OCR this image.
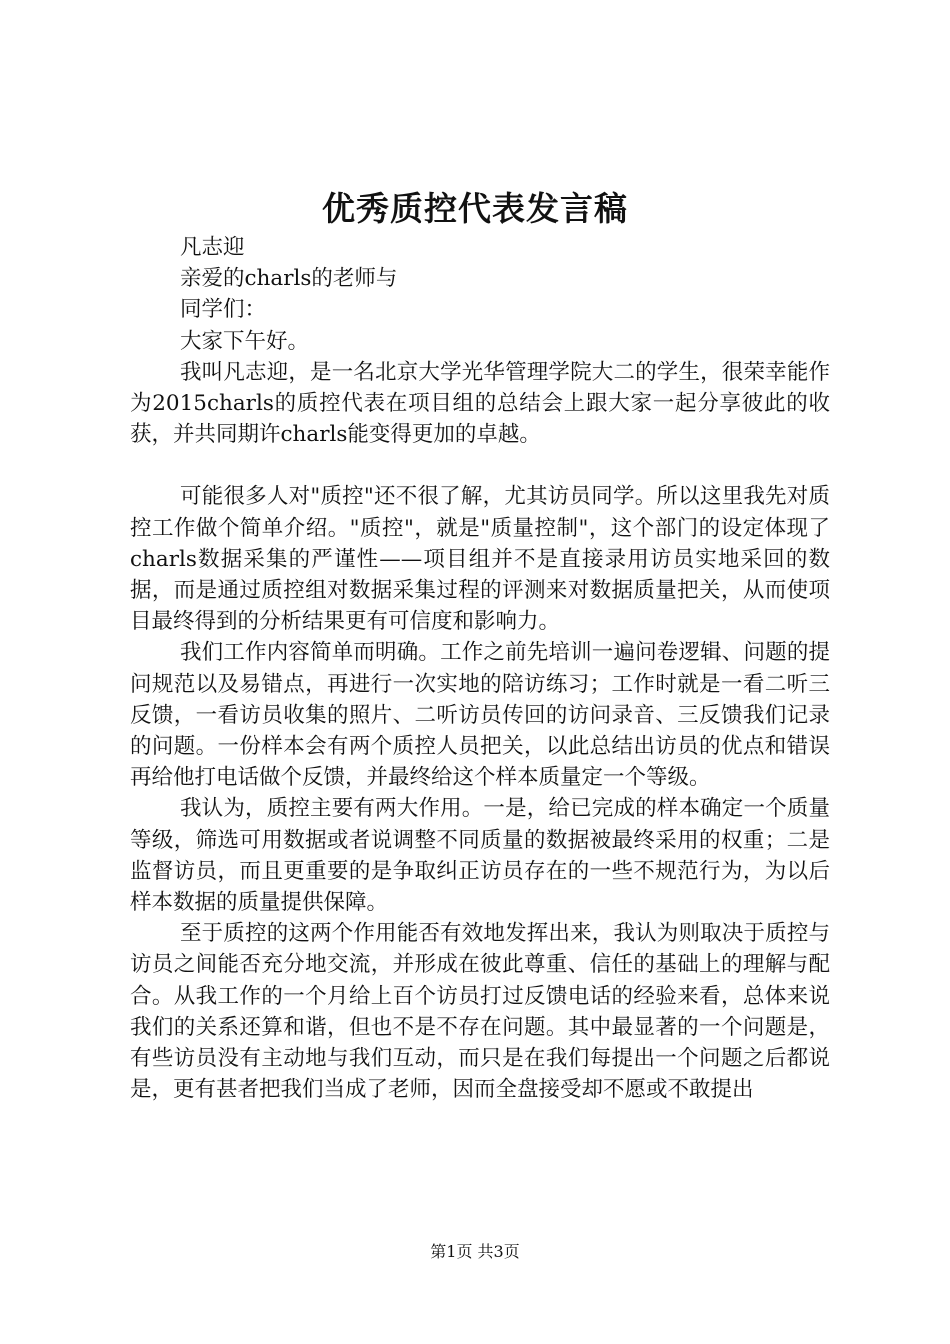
优秀质控代表发言稿

凡志迎

亲爱的charls的老师与

同学们：

大家下午好。

我叫凡志迎，是一名北京大学光华管理学院大二的学生，很荣幸能作为2015charls的质控代表在项目组的总结会上跟大家一起分享彼此的收获，并共同期许charls能变得更加的卓越。

可能很多人对"质控"还不很了解，尤其访员同学。所以这里我先对质控工作做个简单介绍。"质控"，就是"质量控制"，这个部门的设定体现了charls数据采集的严谨性——项目组并不是直接录用访员实地采回的数据，而是通过质控组对数据采集过程的评测来对数据质量把关，从而使项目最终得到的分析结果更有可信度和影响力。

我们工作内容简单而明确。工作之前先培训一遍问卷逻辑、问题的提问规范以及易错点，再进行一次实地的陪访练习；工作时就是一看二听三反馈，一看访员收集的照片、二听访员传回的访问录音、三反馈我们记录的问题。一份样本会有两个质控人员把关，以此总结出访员的优点和错误再给他打电话做个反馈，并最终给这个样本质量定一个等级。

我认为，质控主要有两大作用。一是，给已完成的样本确定一个质量等级，筛选可用数据或者说调整不同质量的数据被最终采用的权重；二是监督访员，而且更重要的是争取纠正访员存在的一些不规范行为，为以后样本数据的质量提供保障。

至于质控的这两个作用能否有效地发挥出来，我认为则取决于质控与访员之间能否充分地交流，并形成在彼此尊重、信任的基础上的理解与配合。从我工作的一个月给上百个访员打过反馈电话的经验来看，总体来说我们的关系还算和谐，但也不是不存在问题。其中最显著的一个问题是，有些访员没有主动地与我们互动，而只是在我们每提出一个问题之后都说是，更有甚者把我们当成了老师，因而全盘接受却不愿或不敢提出

第1页 共3页
